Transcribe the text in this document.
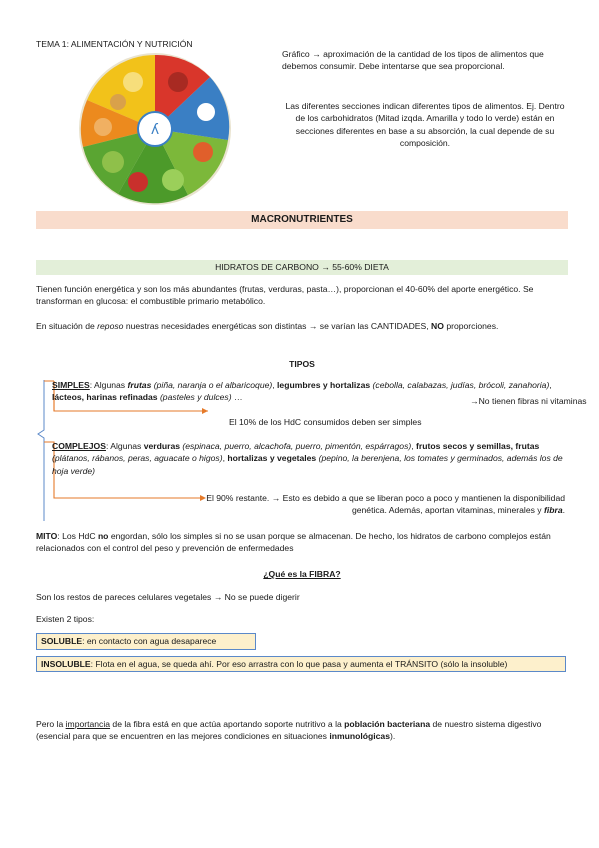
TEMA 1: ALIMENTACIÓN Y NUTRICIÓN
ʎ
Gráfico → aproximación de la cantidad de los tipos de alimentos que debemos consumir. Debe intentarse que sea proporcional.
Las diferentes secciones indican diferentes tipos de alimentos. Ej. Dentro de los carbohidratos (Mitad izqda. Amarilla y todo lo verde) están en secciones diferentes en base a su absorción, la cual depende de su composición.
MACRONUTRIENTES
HIDRATOS DE CARBONO → 55-60% DIETA

Tienen función energética y son los más abundantes (frutas, verduras, pasta…), proporcionan el 40-60% del aporte energético. Se transforman en glucosa: el combustible primario metabólico.

En situación de reposo nuestras necesidades energéticas son distintas → se varían las CANTIDADES, NO proporciones.

TIPOS

SIMPLES: Algunas frutas (piña, naranja o el albaricoque), legumbres y hortalizas (cebolla, calabazas, judías, brócoli, zanahoria), lácteos, harinas refinadas (pasteles y dulces) …	→No tienen fibras ni vitaminas
El 10% de los HdC consumidos deben ser simples

COMPLEJOS: Algunas verduras (espinaca, puerro, alcachofa, puerro, pimentón, espárragos), frutos secos y semillas, frutas (plátanos, rábanos, peras, aguacate o higos), hortalizas y vegetales (pepino, la berenjena, los tomates y germinados, además los de hoja verde)

El 90% restante. → Esto es debido a que se liberan poco a poco y mantienen la disponibilidad genética. Además, aportan vitaminas, minerales y fibra.

MITO: Los HdC no engordan, sólo los simples si no se usan porque se almacenan. De hecho, los hidratos de carbono complejos están relacionados con el control del peso y prevención de enfermedades

¿Qué es la FIBRA?

Son los restos de pareces celulares vegetales → No se puede digerir

Existen 2 tipos:

SOLUBLE: en contacto con agua desaparece
INSOLUBLE: Flota en el agua, se queda ahí. Por eso arrastra con lo que pasa y aumenta el TRÁNSITO (sólo la insoluble)

Pero la importancia de la fibra está en que actúa aportando soporte nutritivo a la población bacteriana de nuestro sistema digestivo (esencial para que se encuentren en las mejores condiciones en situaciones inmunológicas).
